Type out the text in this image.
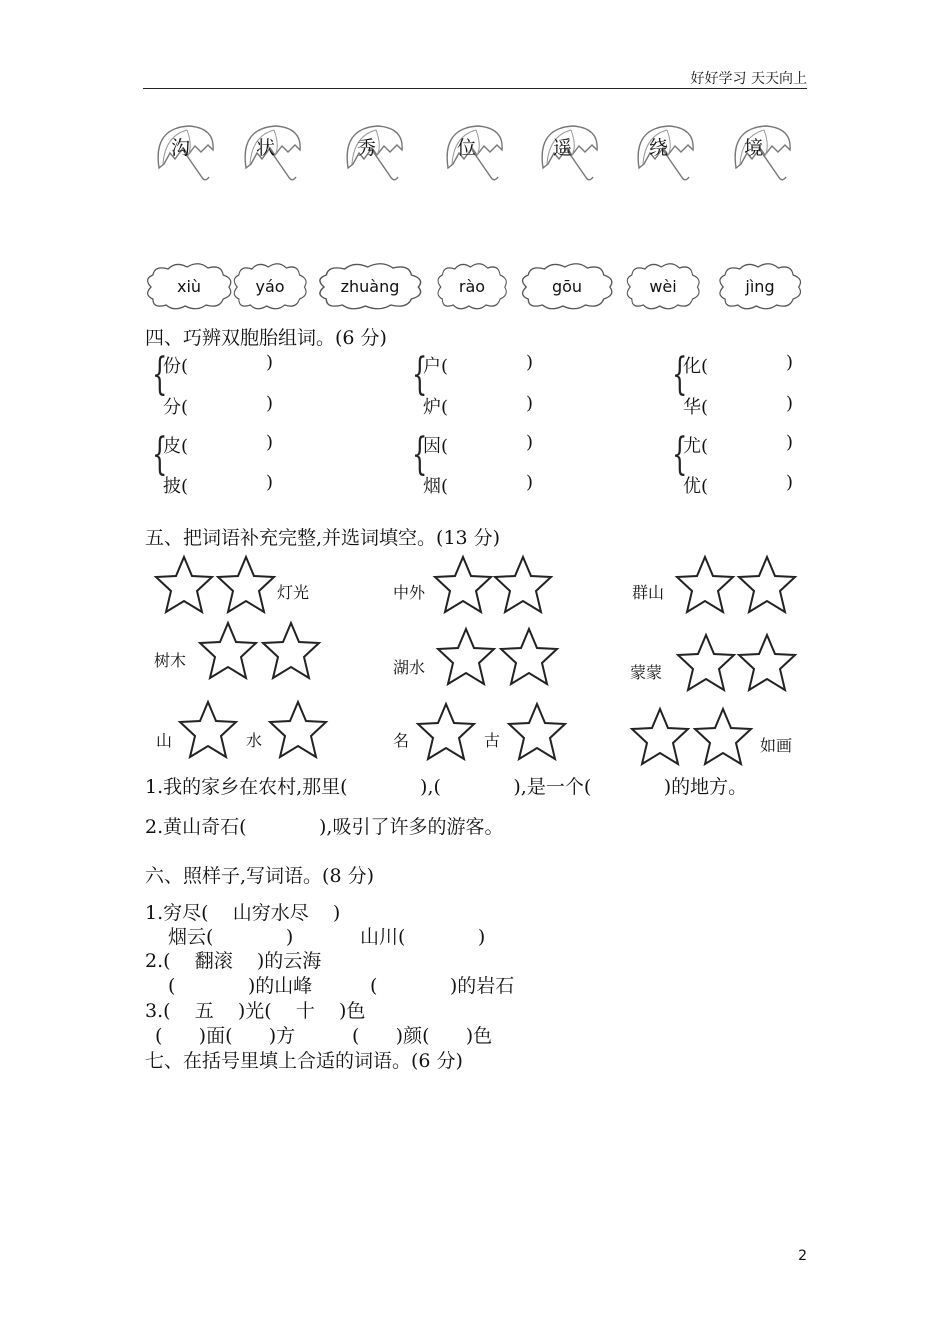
好好学习 天天向上
沟	状	秀	位	遥	绕	境
xiù	yáo	zhuàng	rào	gōu	wèi	jìng
四、巧辨双胞胎组词。(6 分)
{
份(	)
分(	)
{
户(	)
炉(	)
{
化(	)
华(	)
{
皮(	)
披(	)
{
因(	)
烟(	)
{
尤(	)
优(	)
五、把词语补充完整,并选词填空。(13 分)
灯光	中外	群山
树木	湖水	蒙蒙
山	水	名	古	如画
1.我的家乡在农村,那里(            ),(            ),是一个(            )的地方。
2.黄山奇石(            ),吸引了许多的游客。
六、照样子,写词语。(8 分)
1.穷尽(    山穷水尽    )
烟云(            )	山川(            )
2.(    翻滚    )的云海
(            )的山峰	(            )的岩石
3.(    五    )光(    十    )色
(      )面(      )方	(      )颜(      )色
七、在括号里填上合适的词语。(6 分)
2
